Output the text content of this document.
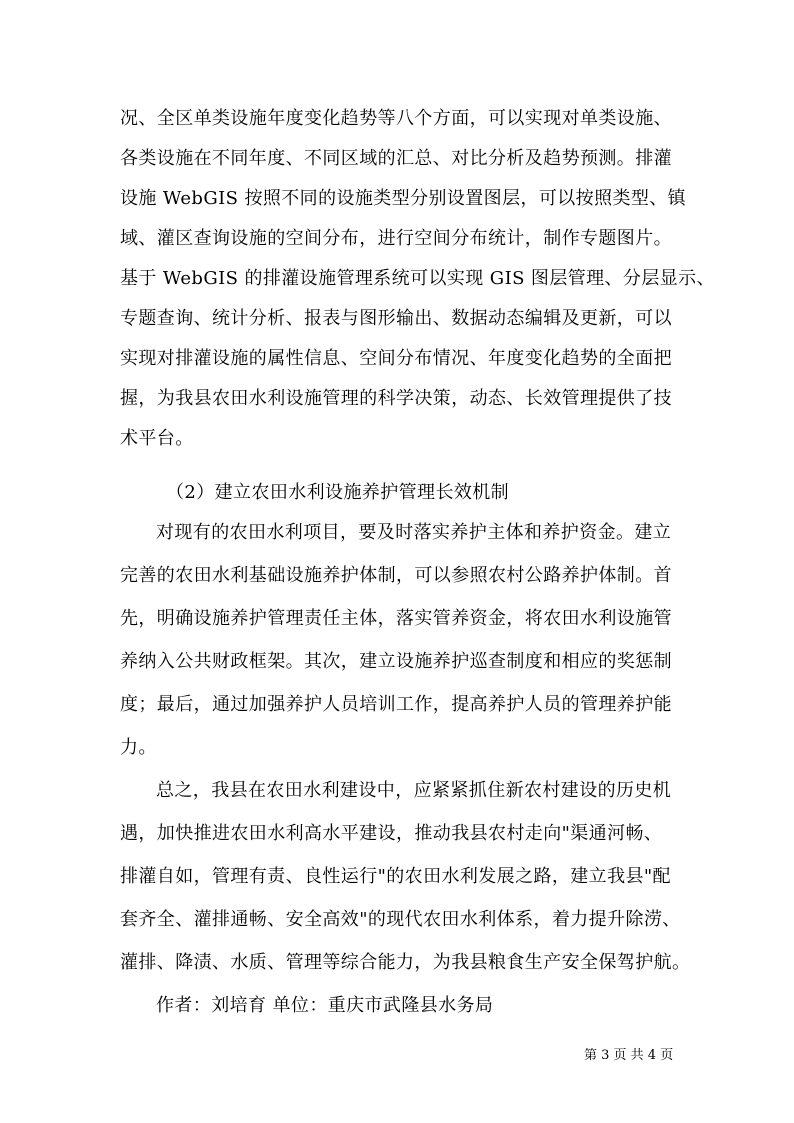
况、全区单类设施年度变化趋势等八个方面，可以实现对单类设施、
各类设施在不同年度、不同区域的汇总、对比分析及趋势预测。排灌
设施 WebGIS 按照不同的设施类型分别设置图层，可以按照类型、镇
域、灌区查询设施的空间分布，进行空间分布统计，制作专题图片。
基于 WebGIS 的排灌设施管理系统可以实现 GIS 图层管理、分层显示、
专题查询、统计分析、报表与图形输出、数据动态编辑及更新，可以
实现对排灌设施的属性信息、空间分布情况、年度变化趋势的全面把
握，为我县农田水利设施管理的科学决策，动态、长效管理提供了技
术平台。
（2）建立农田水利设施养护管理长效机制
对现有的农田水利项目，要及时落实养护主体和养护资金。建立
完善的农田水利基础设施养护体制，可以参照农村公路养护体制。首
先，明确设施养护管理责任主体，落实管养资金，将农田水利设施管
养纳入公共财政框架。其次，建立设施养护巡查制度和相应的奖惩制
度；最后，通过加强养护人员培训工作，提高养护人员的管理养护能
力。
总之，我县在农田水利建设中，应紧紧抓住新农村建设的历史机
遇，加快推进农田水利高水平建设，推动我县农村走向"渠通河畅、
排灌自如，管理有责、良性运行"的农田水利发展之路，建立我县"配
套齐全、灌排通畅、安全高效"的现代农田水利体系，着力提升除涝、
灌排、降渍、水质、管理等综合能力，为我县粮食生产安全保驾护航。
作者：刘培育 单位：重庆市武隆县水务局
第 3 页 共 4 页
